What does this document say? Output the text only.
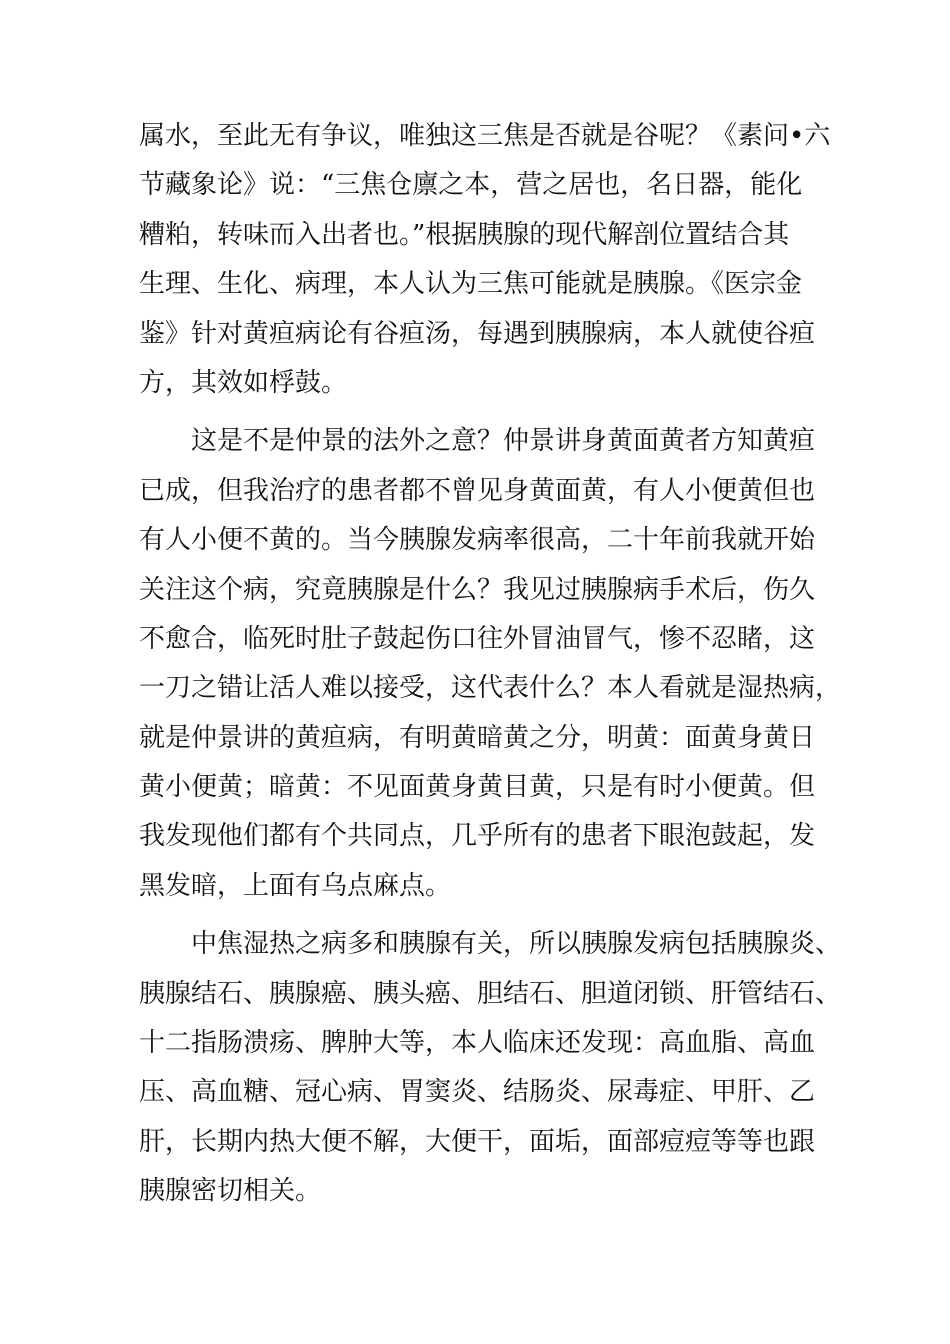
属水，至此无有争议，唯独这三焦是否就是谷呢？《素问•六
节藏象论》说：“三焦仓廪之本，营之居也，名日器，能化
糟粕，转味而入出者也。”根据胰腺的现代解剖位置结合其
生理、生化、病理，本人认为三焦可能就是胰腺。《医宗金
鉴》针对黄疸病论有谷疸汤，每遇到胰腺病，本人就使谷疸
方，其效如桴鼓。
这是不是仲景的法外之意？仲景讲身黄面黄者方知黄疸
已成，但我治疗的患者都不曾见身黄面黄，有人小便黄但也
有人小便不黄的。当今胰腺发病率很高，二十年前我就开始
关注这个病，究竟胰腺是什么？我见过胰腺病手术后，伤久
不愈合，临死时肚子鼓起伤口往外冒油冒气，惨不忍睹，这
一刀之错让活人难以接受，这代表什么？本人看就是湿热病，
就是仲景讲的黄疸病，有明黄暗黄之分，明黄：面黄身黄日
黄小便黄；暗黄：不见面黄身黄目黄，只是有时小便黄。但
我发现他们都有个共同点，几乎所有的患者下眼泡鼓起，发
黑发暗，上面有乌点麻点。
中焦湿热之病多和胰腺有关，所以胰腺发病包括胰腺炎、
胰腺结石、胰腺癌、胰头癌、胆结石、胆道闭锁、肝管结石、
十二指肠溃疡、脾肿大等，本人临床还发现：高血脂、高血
压、高血糖、冠心病、胃窦炎、结肠炎、尿毒症、甲肝、乙
肝，长期内热大便不解，大便干，面垢，面部痘痘等等也跟
胰腺密切相关。
